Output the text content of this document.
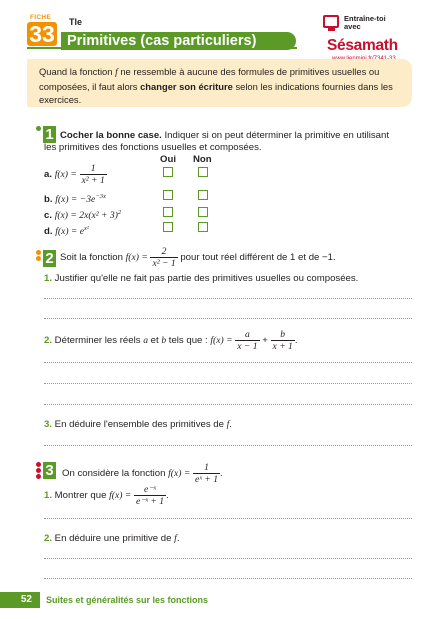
FICHE
33 Tle
Primitives (cas particuliers)
Entraîne-toi
avec
Sésamath
Quand la fonction f ne ressemble à aucune des formules de primitives usuelles ou composées, il faut alors changer son écriture selon les indications fournies dans les exercices.
1 Cocher la bonne case. Indiquer si on peut déterminer la primitive en utilisant
les primitives des fonctions usuelles et composées.
Oui Non
a. $f(x) = \frac{1}{\text{x² + 1}}$
b. $f(x) = -3e^{-3x}$
c. $f(x) = 2x(x^2 + 3)^2$
d. $f(x) = e^{x^2}$
2 Soit la fonction $f(x) = \frac{2}{\text{x² − 1}}$ pour tout réel différent de 1 et de −1.
1. Justifier qu'elle ne fait pas partie des primitives usuelles ou composées.
2. Déterminer les réels a et b tels que : $f(x) = \frac{a}{x - 1} + \frac{b}{x + 1}$ .
3. En déduire l'ensemble des primitives de f.
3 On considère la fonction $f(x) = \frac{1}{\text{eˣ + 1}}$ .
1. Montrer que $f(x) = \frac{\text{e⁻ˣ}}{\text{e⁻ˣ + 1}}$ .
2. En déduire une primitive de f.
52	Suites et généralités sur les fonctions
